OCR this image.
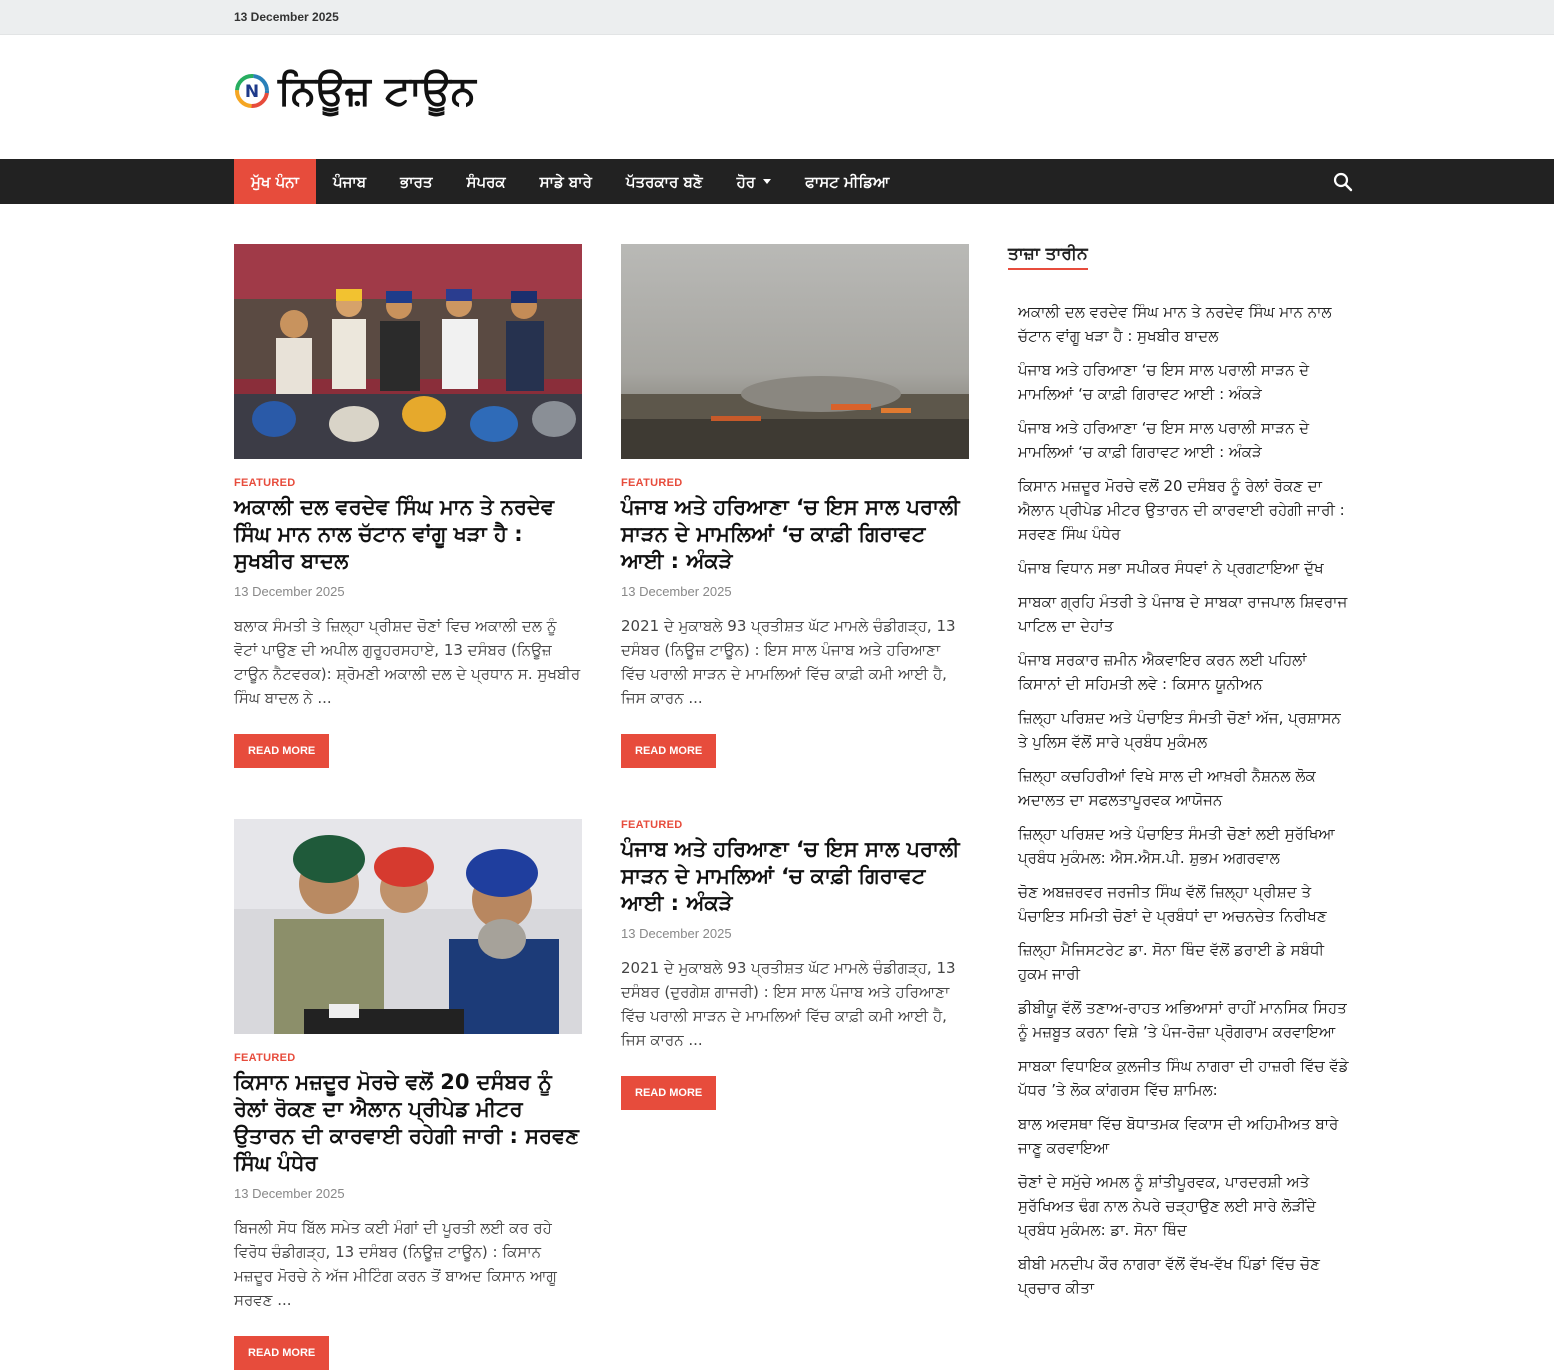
13 December 2025
N ਨਿਊਜ਼ ਟਾਊਨ
ਮੁੱਖ ਪੰਨਾ ਪੰਜਾਬ ਭਾਰਤ ਸੰਪਰਕ ਸਾਡੇ ਬਾਰੇ ਪੱਤਰਕਾਰ ਬਣੋ ਹੋਰ	ਫਾਸਟ ਮੀਡਿਆ
FEATURED
ਅਕਾਲੀ ਦਲ ਵਰਦੇਵ ਸਿੰਘ ਮਾਨ ਤੇ ਨਰਦੇਵ ਸਿੰਘ ਮਾਨ ਨਾਲ ਚੱਟਾਨ ਵਾਂਗੂ ਖੜਾ ਹੈ : ਸੁਖਬੀਰ ਬਾਦਲ
13 December 2025
ਬਲਾਕ ਸੰਮਤੀ ਤੇ ਜ਼ਿਲ੍ਹਾ ਪ੍ਰੀਸ਼ਦ ਚੋਣਾਂ ਵਿਚ ਅਕਾਲੀ ਦਲ ਨੂੰ ਵੋਟਾਂ ਪਾਉਣ ਦੀ ਅਪੀਲ ਗੁਰੂਹਰਸਹਾਏ, 13 ਦਸੰਬਰ (ਨਿਊਜ਼ ਟਾਊਨ ਨੈਟਵਰਕ): ਸ਼੍ਰੋਮਣੀ ਅਕਾਲੀ ਦਲ ਦੇ ਪ੍ਰਧਾਨ ਸ. ਸੁਖਬੀਰ ਸਿੰਘ ਬਾਦਲ ਨੇ ...
READ MORE
FEATURED
ਪੰਜਾਬ ਅਤੇ ਹਰਿਆਣਾ ‘ਚ ਇਸ ਸਾਲ ਪਰਾਲੀ ਸਾੜਨ ਦੇ ਮਾਮਲਿਆਂ ‘ਚ ਕਾਫ਼ੀ ਗਿਰਾਵਟ ਆਈ : ਅੰਕੜੇ
13 December 2025
2021 ਦੇ ਮੁਕਾਬਲੇ 93 ਪ੍ਰਤੀਸ਼ਤ ਘੱਟ ਮਾਮਲੇ ਚੰਡੀਗੜ੍ਹ, 13 ਦਸੰਬਰ (ਨਿਊਜ਼ ਟਾਊਨ) : ਇਸ ਸਾਲ ਪੰਜਾਬ ਅਤੇ ਹਰਿਆਣਾ ਵਿੱਚ ਪਰਾਲੀ ਸਾੜਨ ਦੇ ਮਾਮਲਿਆਂ ਵਿੱਚ ਕਾਫ਼ੀ ਕਮੀ ਆਈ ਹੈ, ਜਿਸ ਕਾਰਨ ...
READ MORE
FEATURED
ਕਿਸਾਨ ਮਜ਼ਦੂਰ ਮੋਰਚੇ ਵਲੋਂ 20 ਦਸੰਬਰ ਨੂੰ ਰੇਲਾਂ ਰੋਕਣ ਦਾ ਐਲਾਨ ਪ੍ਰੀਪੇਡ ਮੀਟਰ ਉਤਾਰਨ ਦੀ ਕਾਰਵਾਈ ਰਹੇਗੀ ਜਾਰੀ : ਸਰਵਣ ਸਿੰਘ ਪੰਧੇਰ
13 December 2025
ਬਿਜਲੀ ਸੋਧ ਬਿੱਲ ਸਮੇਤ ਕਈ ਮੰਗਾਂ ਦੀ ਪੂਰਤੀ ਲਈ ਕਰ ਰਹੇ ਵਿਰੋਧ ਚੰਡੀਗੜ੍ਹ, 13 ਦਸੰਬਰ (ਨਿਊਜ਼ ਟਾਊਨ) : ਕਿਸਾਨ ਮਜ਼ਦੂਰ ਮੋਰਚੇ ਨੇ ਅੱਜ ਮੀਟਿੰਗ ਕਰਨ ਤੋਂ ਬਾਅਦ ਕਿਸਾਨ ਆਗੂ ਸਰਵਣ ...
READ MORE
FEATURED
ਪੰਜਾਬ ਅਤੇ ਹਰਿਆਣਾ ‘ਚ ਇਸ ਸਾਲ ਪਰਾਲੀ ਸਾੜਨ ਦੇ ਮਾਮਲਿਆਂ ‘ਚ ਕਾਫ਼ੀ ਗਿਰਾਵਟ ਆਈ : ਅੰਕੜੇ
13 December 2025
2021 ਦੇ ਮੁਕਾਬਲੇ 93 ਪ੍ਰਤੀਸ਼ਤ ਘੱਟ ਮਾਮਲੇ ਚੰਡੀਗੜ੍ਹ, 13 ਦਸੰਬਰ (ਦੁਰਗੇਸ਼ ਗਾਜਰੀ) : ਇਸ ਸਾਲ ਪੰਜਾਬ ਅਤੇ ਹਰਿਆਣਾ ਵਿੱਚ ਪਰਾਲੀ ਸਾੜਨ ਦੇ ਮਾਮਲਿਆਂ ਵਿੱਚ ਕਾਫ਼ੀ ਕਮੀ ਆਈ ਹੈ, ਜਿਸ ਕਾਰਨ ...
READ MORE
ਤਾਜ਼ਾ ਤਾਰੀਨ
ਅਕਾਲੀ ਦਲ ਵਰਦੇਵ ਸਿੰਘ ਮਾਨ ਤੇ ਨਰਦੇਵ ਸਿੰਘ ਮਾਨ ਨਾਲ ਚੱਟਾਨ ਵਾਂਗੂ ਖੜਾ ਹੈ : ਸੁਖਬੀਰ ਬਾਦਲ
ਪੰਜਾਬ ਅਤੇ ਹਰਿਆਣਾ ‘ਚ ਇਸ ਸਾਲ ਪਰਾਲੀ ਸਾੜਨ ਦੇ ਮਾਮਲਿਆਂ ‘ਚ ਕਾਫ਼ੀ ਗਿਰਾਵਟ ਆਈ : ਅੰਕੜੇ
ਪੰਜਾਬ ਅਤੇ ਹਰਿਆਣਾ ‘ਚ ਇਸ ਸਾਲ ਪਰਾਲੀ ਸਾੜਨ ਦੇ ਮਾਮਲਿਆਂ ‘ਚ ਕਾਫ਼ੀ ਗਿਰਾਵਟ ਆਈ : ਅੰਕੜੇ
ਕਿਸਾਨ ਮਜ਼ਦੂਰ ਮੋਰਚੇ ਵਲੋਂ 20 ਦਸੰਬਰ ਨੂੰ ਰੇਲਾਂ ਰੋਕਣ ਦਾ ਐਲਾਨ ਪ੍ਰੀਪੇਡ ਮੀਟਰ ਉਤਾਰਨ ਦੀ ਕਾਰਵਾਈ ਰਹੇਗੀ ਜਾਰੀ : ਸਰਵਣ ਸਿੰਘ ਪੰਧੇਰ
ਪੰਜਾਬ ਵਿਧਾਨ ਸਭਾ ਸਪੀਕਰ ਸੰਧਵਾਂ ਨੇ ਪ੍ਰਗਟਾਇਆ ਦੁੱਖ
ਸਾਬਕਾ ਗ੍ਰਹਿ ਮੰਤਰੀ ਤੇ ਪੰਜਾਬ ਦੇ ਸਾਬਕਾ ਰਾਜਪਾਲ ਸ਼ਿਵਰਾਜ ਪਾਟਿਲ ਦਾ ਦੇਹਾਂਤ
ਪੰਜਾਬ ਸਰਕਾਰ ਜ਼ਮੀਨ ਐਕਵਾਇਰ ਕਰਨ ਲਈ ਪਹਿਲਾਂ ਕਿਸਾਨਾਂ ਦੀ ਸਹਿਮਤੀ ਲਵੇ : ਕਿਸਾਨ ਯੂਨੀਅਨ
ਜ਼ਿਲ੍ਹਾ ਪਰਿਸ਼ਦ ਅਤੇ ਪੰਚਾਇਤ ਸੰਮਤੀ ਚੋਣਾਂ ਅੱਜ, ਪ੍ਰਸ਼ਾਸਨ ਤੇ ਪੁਲਿਸ ਵੱਲੋਂ ਸਾਰੇ ਪ੍ਰਬੰਧ ਮੁਕੰਮਲ
ਜ਼ਿਲ੍ਹਾ ਕਚਹਿਰੀਆਂ ਵਿਖੇ ਸਾਲ ਦੀ ਆਖ਼ਰੀ ਨੈਸ਼ਨਲ ਲੋਕ ਅਦਾਲਤ ਦਾ ਸਫਲਤਾਪੂਰਵਕ ਆਯੋਜਨ
ਜ਼ਿਲ੍ਹਾ ਪਰਿਸ਼ਦ ਅਤੇ ਪੰਚਾਇਤ ਸੰਮਤੀ ਚੋਣਾਂ ਲਈ ਸੁਰੱਖਿਆ ਪ੍ਰਬੰਧ ਮੁਕੰਮਲ: ਐਸ.ਐਸ.ਪੀ. ਸ਼ੁਭਮ ਅਗਰਵਾਲ
ਚੋਣ ਅਬਜ਼ਰਵਰ ਜਰਜੀਤ ਸਿੰਘ ਵੱਲੋਂ ਜ਼ਿਲ੍ਹਾ ਪ੍ਰੀਸ਼ਦ ਤੇ ਪੰਚਾਇਤ ਸਮਿਤੀ ਚੋਣਾਂ ਦੇ ਪ੍ਰਬੰਧਾਂ ਦਾ ਅਚਨਚੇਤ ਨਿਰੀਖਣ
ਜ਼ਿਲ੍ਹਾ ਮੈਜਿਸਟਰੇਟ ਡਾ. ਸੋਨਾ ਥਿੰਦ ਵੱਲੋਂ ਡਰਾਈ ਡੇ ਸਬੰਧੀ ਹੁਕਮ ਜਾਰੀ
ਡੀਬੀਯੂ ਵੱਲੋਂ ਤਣਾਅ-ਰਾਹਤ ਅਭਿਆਸਾਂ ਰਾਹੀਂ ਮਾਨਸਿਕ ਸਿਹਤ ਨੂੰ ਮਜ਼ਬੂਤ ਕਰਨਾ ਵਿਸ਼ੇ ’ਤੇ ਪੰਜ-ਰੋਜ਼ਾ ਪ੍ਰੋਗਰਾਮ ਕਰਵਾਇਆ
ਸਾਬਕਾ ਵਿਧਾਇਕ ਕੁਲਜੀਤ ਸਿੰਘ ਨਾਗਰਾ ਦੀ ਹਾਜ਼ਰੀ ਵਿੱਚ ਵੱਡੇ ਪੱਧਰ ’ਤੇ ਲੋਕ ਕਾਂਗਰਸ ਵਿੱਚ ਸ਼ਾਮਿਲ:
ਬਾਲ ਅਵਸਥਾ ਵਿੱਚ ਬੋਧਾਤਮਕ ਵਿਕਾਸ ਦੀ ਅਹਿਮੀਅਤ ਬਾਰੇ ਜਾਣੂ ਕਰਵਾਇਆ
ਚੋਣਾਂ ਦੇ ਸਮੁੱਚੇ ਅਮਲ ਨੂੰ ਸ਼ਾਂਤੀਪੂਰਵਕ, ਪਾਰਦਰਸ਼ੀ ਅਤੇ ਸੁਰੱਖਿਅਤ ਢੰਗ ਨਾਲ ਨੇਪਰੇ ਚੜ੍ਹਾਉਣ ਲਈ ਸਾਰੇ ਲੋੜੀਂਦੇ ਪ੍ਰਬੰਧ ਮੁਕੰਮਲ: ਡਾ. ਸੋਨਾ ਥਿੰਦ
ਬੀਬੀ ਮਨਦੀਪ ਕੌਰ ਨਾਗਰਾ ਵੱਲੋਂ ਵੱਖ-ਵੱਖ ਪਿੰਡਾਂ ਵਿੱਚ ਚੋਣ ਪ੍ਰਚਾਰ ਕੀਤਾ
